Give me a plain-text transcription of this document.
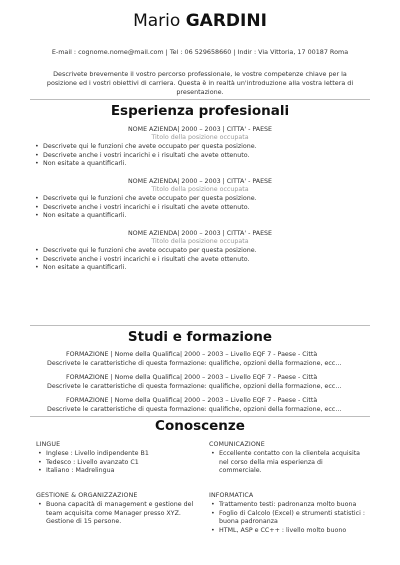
Mario GARDINI
E-mail : cognome.nome@mail.com | Tel : 06 529658660 | Indir : Via Vittoria, 17 00187 Roma
Descrivete brevemente il vostro percorso professionale, le vostre competenze chiave per la posizione ed i vostri obiettivi di carriera. Questa è in realtà un'introduzione alla vostra lettera di presentazione.
Esperienza profesionali
NOME AZIENDA| 2000 – 2003 | CITTA' - PAESE
Titolo della posizione occupata
• Descrivete qui le funzioni che avete occupato per questa posizione.
• Descrivete anche i vostri incarichi e i risultati che avete ottenuto.
• Non esitate a quantificarli.
NOME AZIENDA| 2000 – 2003 | CITTA' - PAESE
Titolo della posizione occupata
• Descrivete qui le funzioni che avete occupato per questa posizione.
• Descrivete anche i vostri incarichi e i risultati che avete ottenuto.
• Non esitate a quantificarli.
NOME AZIENDA| 2000 – 2003 | CITTA' - PAESE
Titolo della posizione occupata
• Descrivete qui le funzioni che avete occupato per questa posizione.
• Descrivete anche i vostri incarichi e i risultati che avete ottenuto.
• Non esitate a quantificarli.
Studi e formazione
FORMAZIONE | Nome della Qualifica| 2000 – 2003 – Livello EQF 7 - Paese - Città
Descrivete le caratteristiche di questa formazione: qualifiche, opzioni della formazione, ecc…
FORMAZIONE | Nome della Qualifica| 2000 – 2003 – Livello EQF 7 - Paese - Città
Descrivete le caratteristiche di questa formazione: qualifiche, opzioni della formazione, ecc…
FORMAZIONE | Nome della Qualifica| 2000 – 2003 – Livello EQF 7 - Paese - Città
Descrivete le caratteristiche di questa formazione: qualifiche, opzioni della formazione, ecc…
Conoscenze
LINGUE
• Inglese : Livello indipendente B1
• Tedesco : Livello avanzato C1
• Italiano : Madrelingua
COMUNICAZIONE
• Eccellente contatto con la clientela acquisita nel corso della mia esperienza di commerciale.
GESTIONE & ORGANIZZAZIONE
• Buona capacità di management e gestione del team acquisita come Manager presso XYZ. Gestione di 15 persone.
INFORMATICA
• Trattamento testi: padronanza molto buona
• Foglio di Calcolo (Excel) e strumenti statistici : buona padronanza
• HTML, ASP e CC++ : livello molto buono
